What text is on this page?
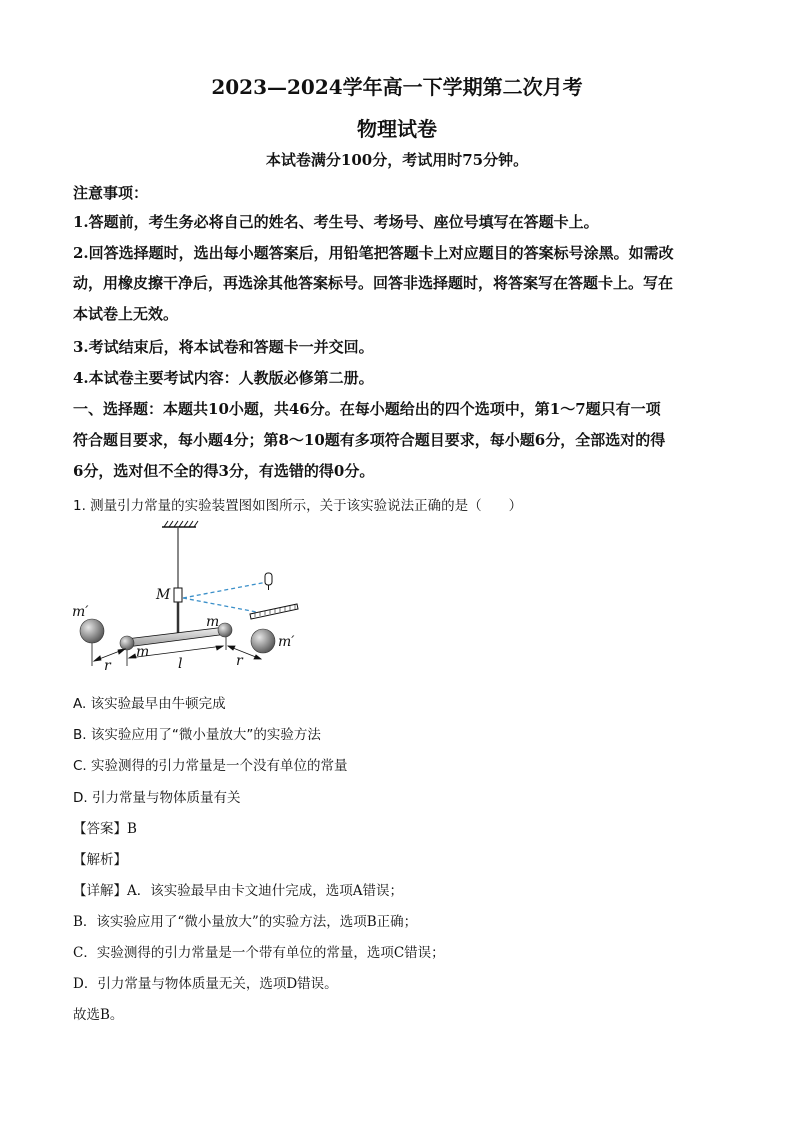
2023—2024学年高一下学期第二次月考
物理试卷
本试卷满分100分，考试用时75分钟。
注意事项：
1.答题前，考生务必将自己的姓名、考生号、考场号、座位号填写在答题卡上。
2.回答选择题时，选出每小题答案后，用铅笔把答题卡上对应题目的答案标号涂黑。如需改
动，用橡皮擦干净后，再选涂其他答案标号。回答非选择题时，将答案写在答题卡上。写在
本试卷上无效。
3.考试结束后，将本试卷和答题卡一并交回。
4.本试卷主要考试内容：人教版必修第二册。
一、选择题：本题共10小题，共46分。在每小题给出的四个选项中，第1～7题只有一项
符合题目要求，每小题4分；第8～10题有多项符合题目要求，每小题6分，全部选对的得
6分，选对但不全的得3分，有选错的得0分。
1. 测量引力常量的实验装置图如图所示，关于该实验说法正确的是（　　）
M
m′
m′
m
m
l
r	r
A. 该实验最早由牛顿完成
B. 该实验应用了“微小量放大”的实验方法
C. 实验测得的引力常量是一个没有单位的常量
D. 引力常量与物体质量有关
【答案】B
【解析】
【详解】A．该实验最早由卡文迪什完成，选项A错误；
B．该实验应用了“微小量放大”的实验方法，选项B正确；
C．实验测得的引力常量是一个带有单位的常量，选项C错误；
D．引力常量与物体质量无关，选项D错误。
故选B。
